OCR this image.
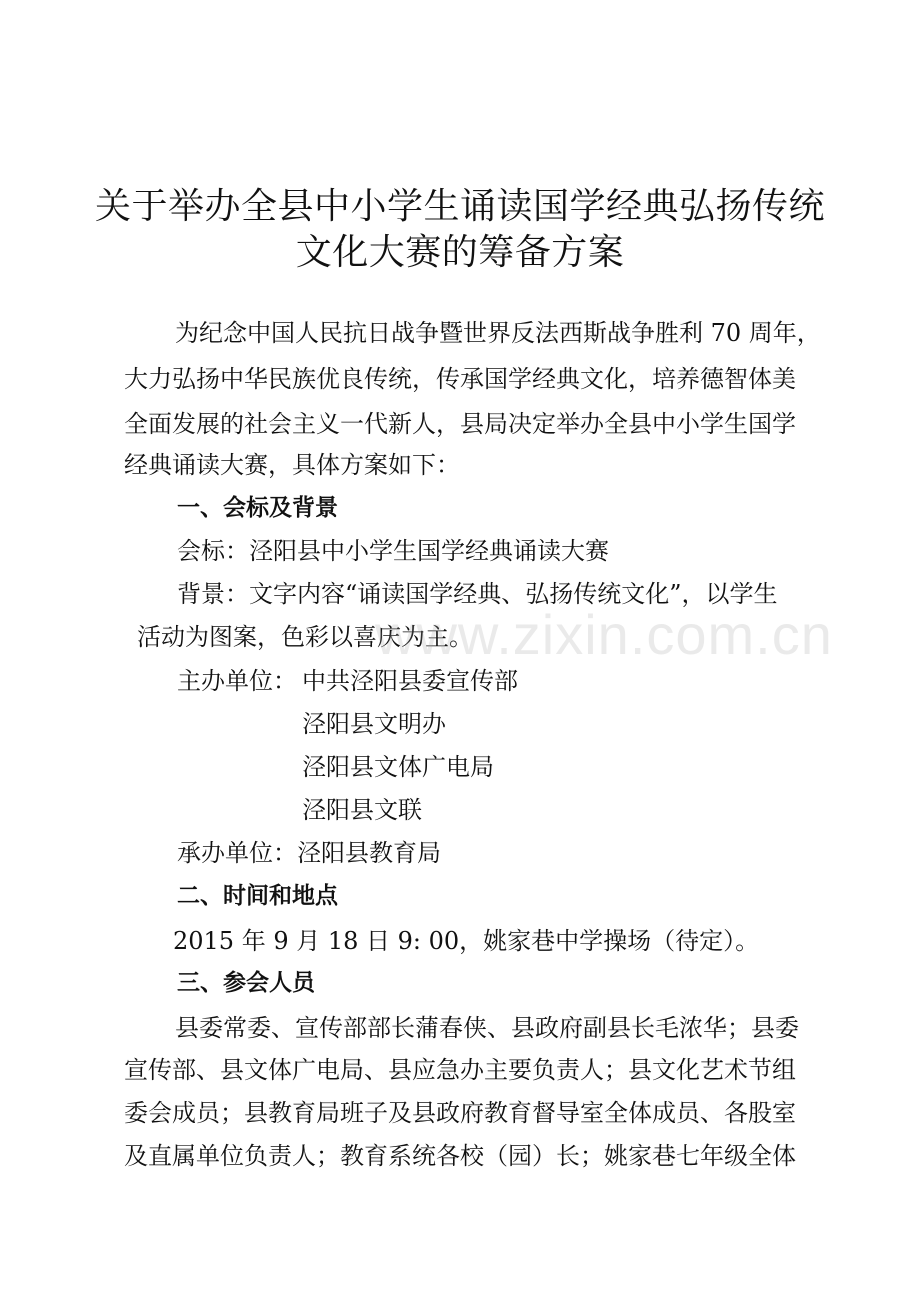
关于举办全县中小学生诵读国学经典弘扬传统
文化大赛的筹备方案
为纪念中国人民抗日战争暨世界反法西斯战争胜利 70 周年，
大力弘扬中华民族优良传统，传承国学经典文化，培养德智体美
全面发展的社会主义一代新人，县局决定举办全县中小学生国学
经典诵读大赛，具体方案如下：
一、会标及背景
会标：泾阳县中小学生国学经典诵读大赛
背景：文字内容“诵读国学经典、弘扬传统文化”，以学生
活动为图案，色彩以喜庆为主。
主办单位： 中共泾阳县委宣传部
泾阳县文明办
泾阳县文体广电局
泾阳县文联
承办单位：泾阳县教育局
二、时间和地点
2015 年 9 月 18 日 9: 00，姚家巷中学操场（待定）。
三、参会人员
县委常委、宣传部部长蒲春侠、县政府副县长毛浓华；县委
宣传部、县文体广电局、县应急办主要负责人；县文化艺术节组
委会成员；县教育局班子及县政府教育督导室全体成员、各股室
及直属单位负责人；教育系统各校（园）长；姚家巷七年级全体
www.zixin.com.cn
